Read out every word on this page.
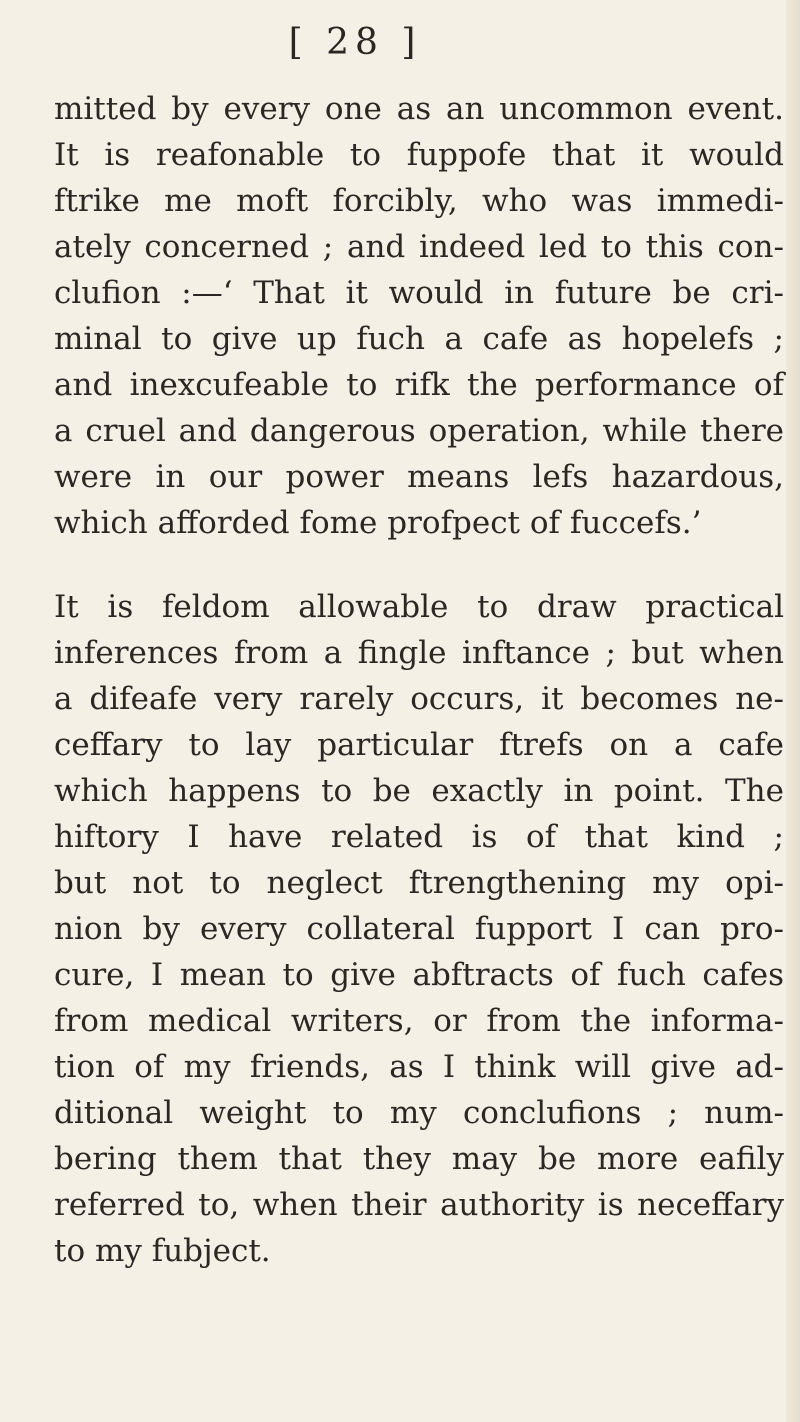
[ 28 ]
mitted by every one as an uncommon event.
It is reafonable to fuppofe that it would
ftrike me moft forcibly, who was immedi-
ately concerned ; and indeed led to this con-
clufion :—‘ That it would in future be cri-
minal to give up fuch a cafe as hopelefs ;
and inexcufeable to rifk the performance of
a cruel and dangerous operation, while there
were in our power means lefs hazardous,
which afforded fome profpect of fuccefs.’
It is feldom allowable to draw practical
inferences from a fingle inftance ; but when
a difeafe very rarely occurs, it becomes ne-
ceffary to lay particular ftrefs on a cafe
which happens to be exactly in point. The
hiftory I have related is of that kind ;
but not to neglect ftrengthening my opi-
nion by every collateral fupport I can pro-
cure, I mean to give abftracts of fuch cafes
from medical writers, or from the informa-
tion of my friends, as I think will give ad-
ditional weight to my conclufions ; num-
bering them that they may be more eafily
referred to, when their authority is neceffary
to my fubject.
